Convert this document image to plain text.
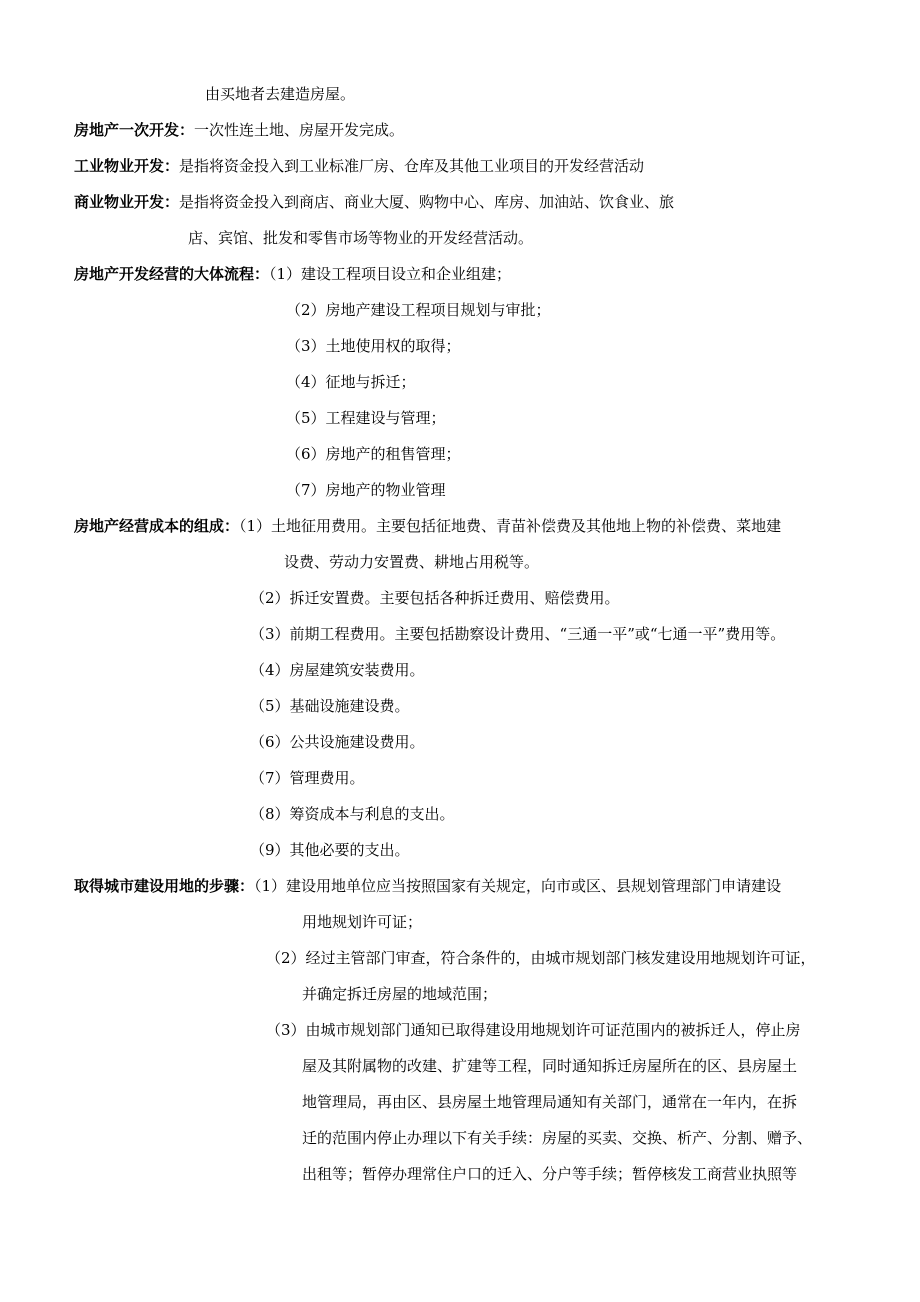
由买地者去建造房屋。
房地产一次开发：一次性连土地、房屋开发完成。
工业物业开发：是指将资金投入到工业标准厂房、仓库及其他工业项目的开发经营活动
商业物业开发：是指将资金投入到商店、商业大厦、购物中心、库房、加油站、饮食业、旅
店、宾馆、批发和零售市场等物业的开发经营活动。
房地产开发经营的大体流程：（1）建设工程项目设立和企业组建；
（2）房地产建设工程项目规划与审批；
（3）土地使用权的取得；
（4）征地与拆迁；
（5）工程建设与管理；
（6）房地产的租售管理；
（7）房地产的物业管理
房地产经营成本的组成：（1）土地征用费用。主要包括征地费、青苗补偿费及其他地上物的补偿费、菜地建
设费、劳动力安置费、耕地占用税等。
（2）拆迁安置费。主要包括各种拆迁费用、赔偿费用。
（3）前期工程费用。主要包括勘察设计费用、“三通一平”或“七通一平”费用等。
（4）房屋建筑安装费用。
（5）基础设施建设费。
（6）公共设施建设费用。
（7）管理费用。
（8）筹资成本与利息的支出。
（9）其他必要的支出。
取得城市建设用地的步骤：（1）建设用地单位应当按照国家有关规定，向市或区、县规划管理部门申请建设
用地规划许可证；
（2）经过主管部门审查，符合条件的，由城市规划部门核发建设用地规划许可证，
并确定拆迁房屋的地域范围；
（3）由城市规划部门通知已取得建设用地规划许可证范围内的被拆迁人，停止房
屋及其附属物的改建、扩建等工程，同时通知拆迁房屋所在的区、县房屋土
地管理局，再由区、县房屋土地管理局通知有关部门，通常在一年内，在拆
迁的范围内停止办理以下有关手续：房屋的买卖、交换、析产、分割、赠予、
出租等；暂停办理常住户口的迁入、分户等手续；暂停核发工商营业执照等
